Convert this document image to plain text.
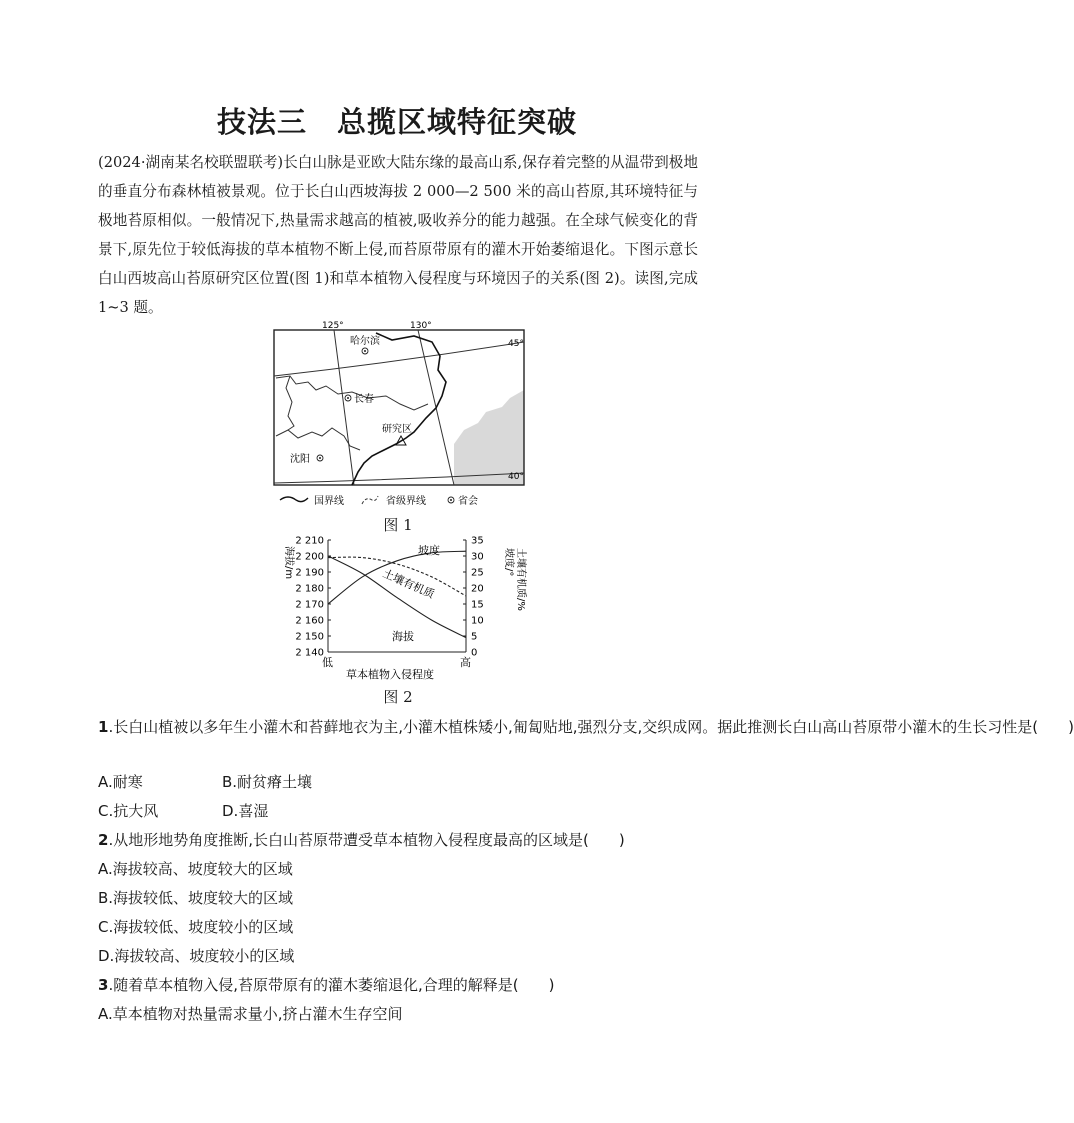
技法三 总揽区域特征突破
(2024·湖南某名校联盟联考)长白山脉是亚欧大陆东缘的最高山系,保存着完整的从温带到极地的垂直分布森林植被景观。位于长白山西坡海拔 2 000—2 500 米的高山苔原,其环境特征与极地苔原相似。一般情况下,热量需求越高的植被,吸收养分的能力越强。在全球气候变化的背景下,原先位于较低海拔的草本植物不断上侵,而苔原带原有的灌木开始萎缩退化。下图示意长白山西坡高山苔原研究区位置(图 1)和草本植物入侵程度与环境因子的关系(图 2)。读图,完成 1~3 题。
125°	130°
45°
40°
哈尔滨
长春
沈阳
研究区
国界线	省级界线	省会
图 1
海拔/m	坡度/° 土壤有机质/%
2 210
2 200
2 190
2 180
2 170
2 160
2 150
2 140
35
30
25
20
15
10
5
0
坡度
土壤有机质
海拔
低	高
草本植物入侵程度
图 2
1.长白山植被以多年生小灌木和苔藓地衣为主,小灌木植株矮小,匍匐贴地,强烈分支,交织成网。据此推测长白山高山苔原带小灌木的生长习性是(　　)
A.耐寒	B.耐贫瘠土壤
C.抗大风	D.喜湿
2.从地形地势角度推断,长白山苔原带遭受草本植物入侵程度最高的区域是(　　)
A.海拔较高、坡度较大的区域
B.海拔较低、坡度较大的区域
C.海拔较低、坡度较小的区域
D.海拔较高、坡度较小的区域
3.随着草本植物入侵,苔原带原有的灌木萎缩退化,合理的解释是(　　)
A.草本植物对热量需求量小,挤占灌木生存空间
